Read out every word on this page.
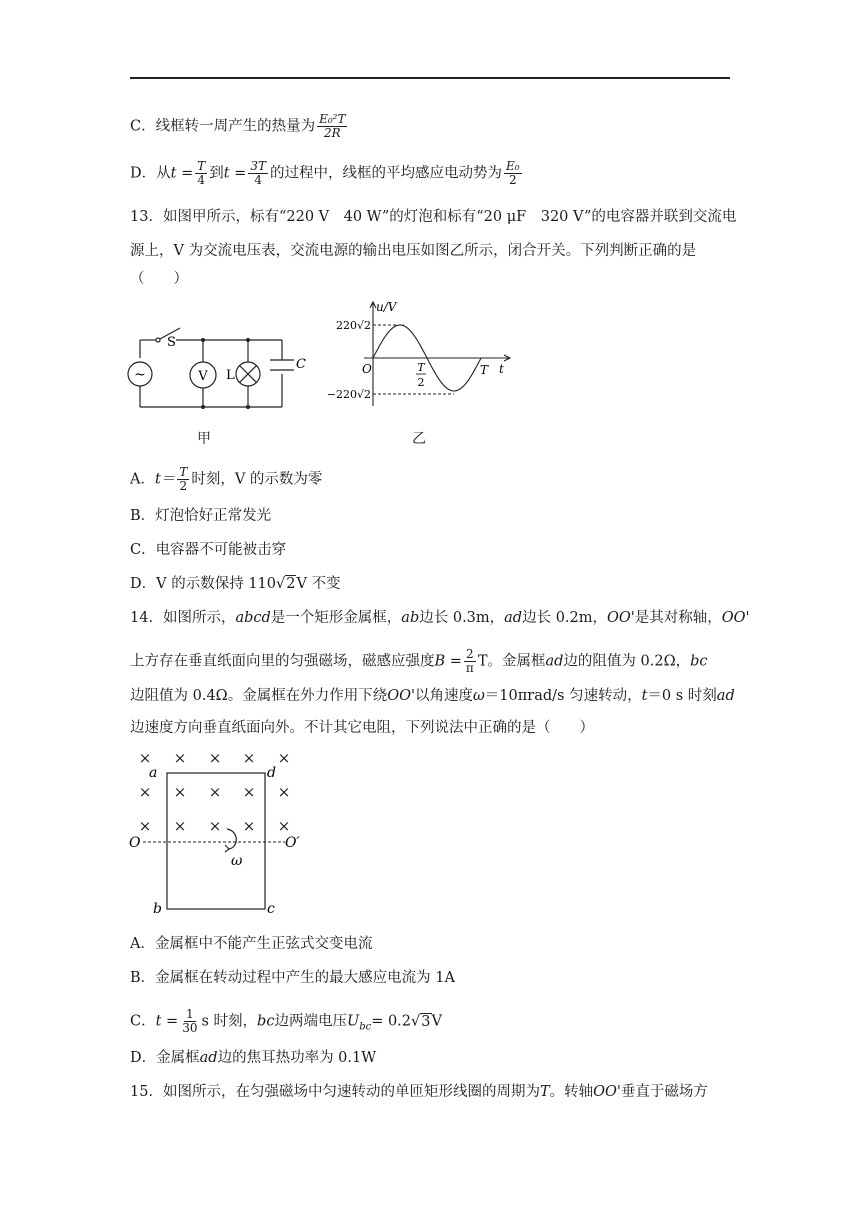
C．线框转一周产生的热量为 $\frac{\text{E₀²T}}{2R}$
D．从$t = \frac{T}{4}$ 到$t = \frac{3T}{4}$ 的过程中，线框的平均感应电动势为 $\frac{\text{E₀}}{2}$
13．如图甲所示，标有“220 V　40 W”的灯泡和标有“20 μF　320 V”的电容器并联到交流电
源上，V 为交流电压表，交流电源的输出电压如图乙所示，闭合开关。下列判断正确的是
（　　）
~
S
V L
C
甲
u/V
220√2
−220√2
O	T
2
T t
乙
A．$t= \frac{T}{2}$ 时刻，V 的示数为零
B．灯泡恰好正常发光
C．电容器不可能被击穿
D．V 的示数保持 110√2V 不变
14．如图所示，abcd是一个矩形金属框，ab边长 0.3m，ad边长 0.2m，OO'是其对称轴，OO'
上方存在垂直纸面向里的匀强磁场，磁感应强度$B = \frac{2}{\pi}$ T。金属框ad边的阻值为 0.2Ω，bc
边阻值为 0.4Ω。金属框在外力作用下绕OO'以角速度ω＝10πrad/s 匀速转动，t＝0 s 时刻ad
边速度方向垂直纸面向外。不计其它电阻，下列说法中正确的是（　　）
× × × × ×
× × × × ×
× × × × ×
a	d
b	c
O	O′
ω
A．金属框中不能产生正弦式交变电流
B．金属框在转动过程中产生的最大感应电流为 1A
C．$t = \frac{1}{30}$ s 时刻，bc边两端电压$U_{bc}= 0.2√3V$
D．金属框ad边的焦耳热功率为 0.1W
15．如图所示，在匀强磁场中匀速转动的单匝矩形线圈的周期为T。转轴OO'垂直于磁场方
